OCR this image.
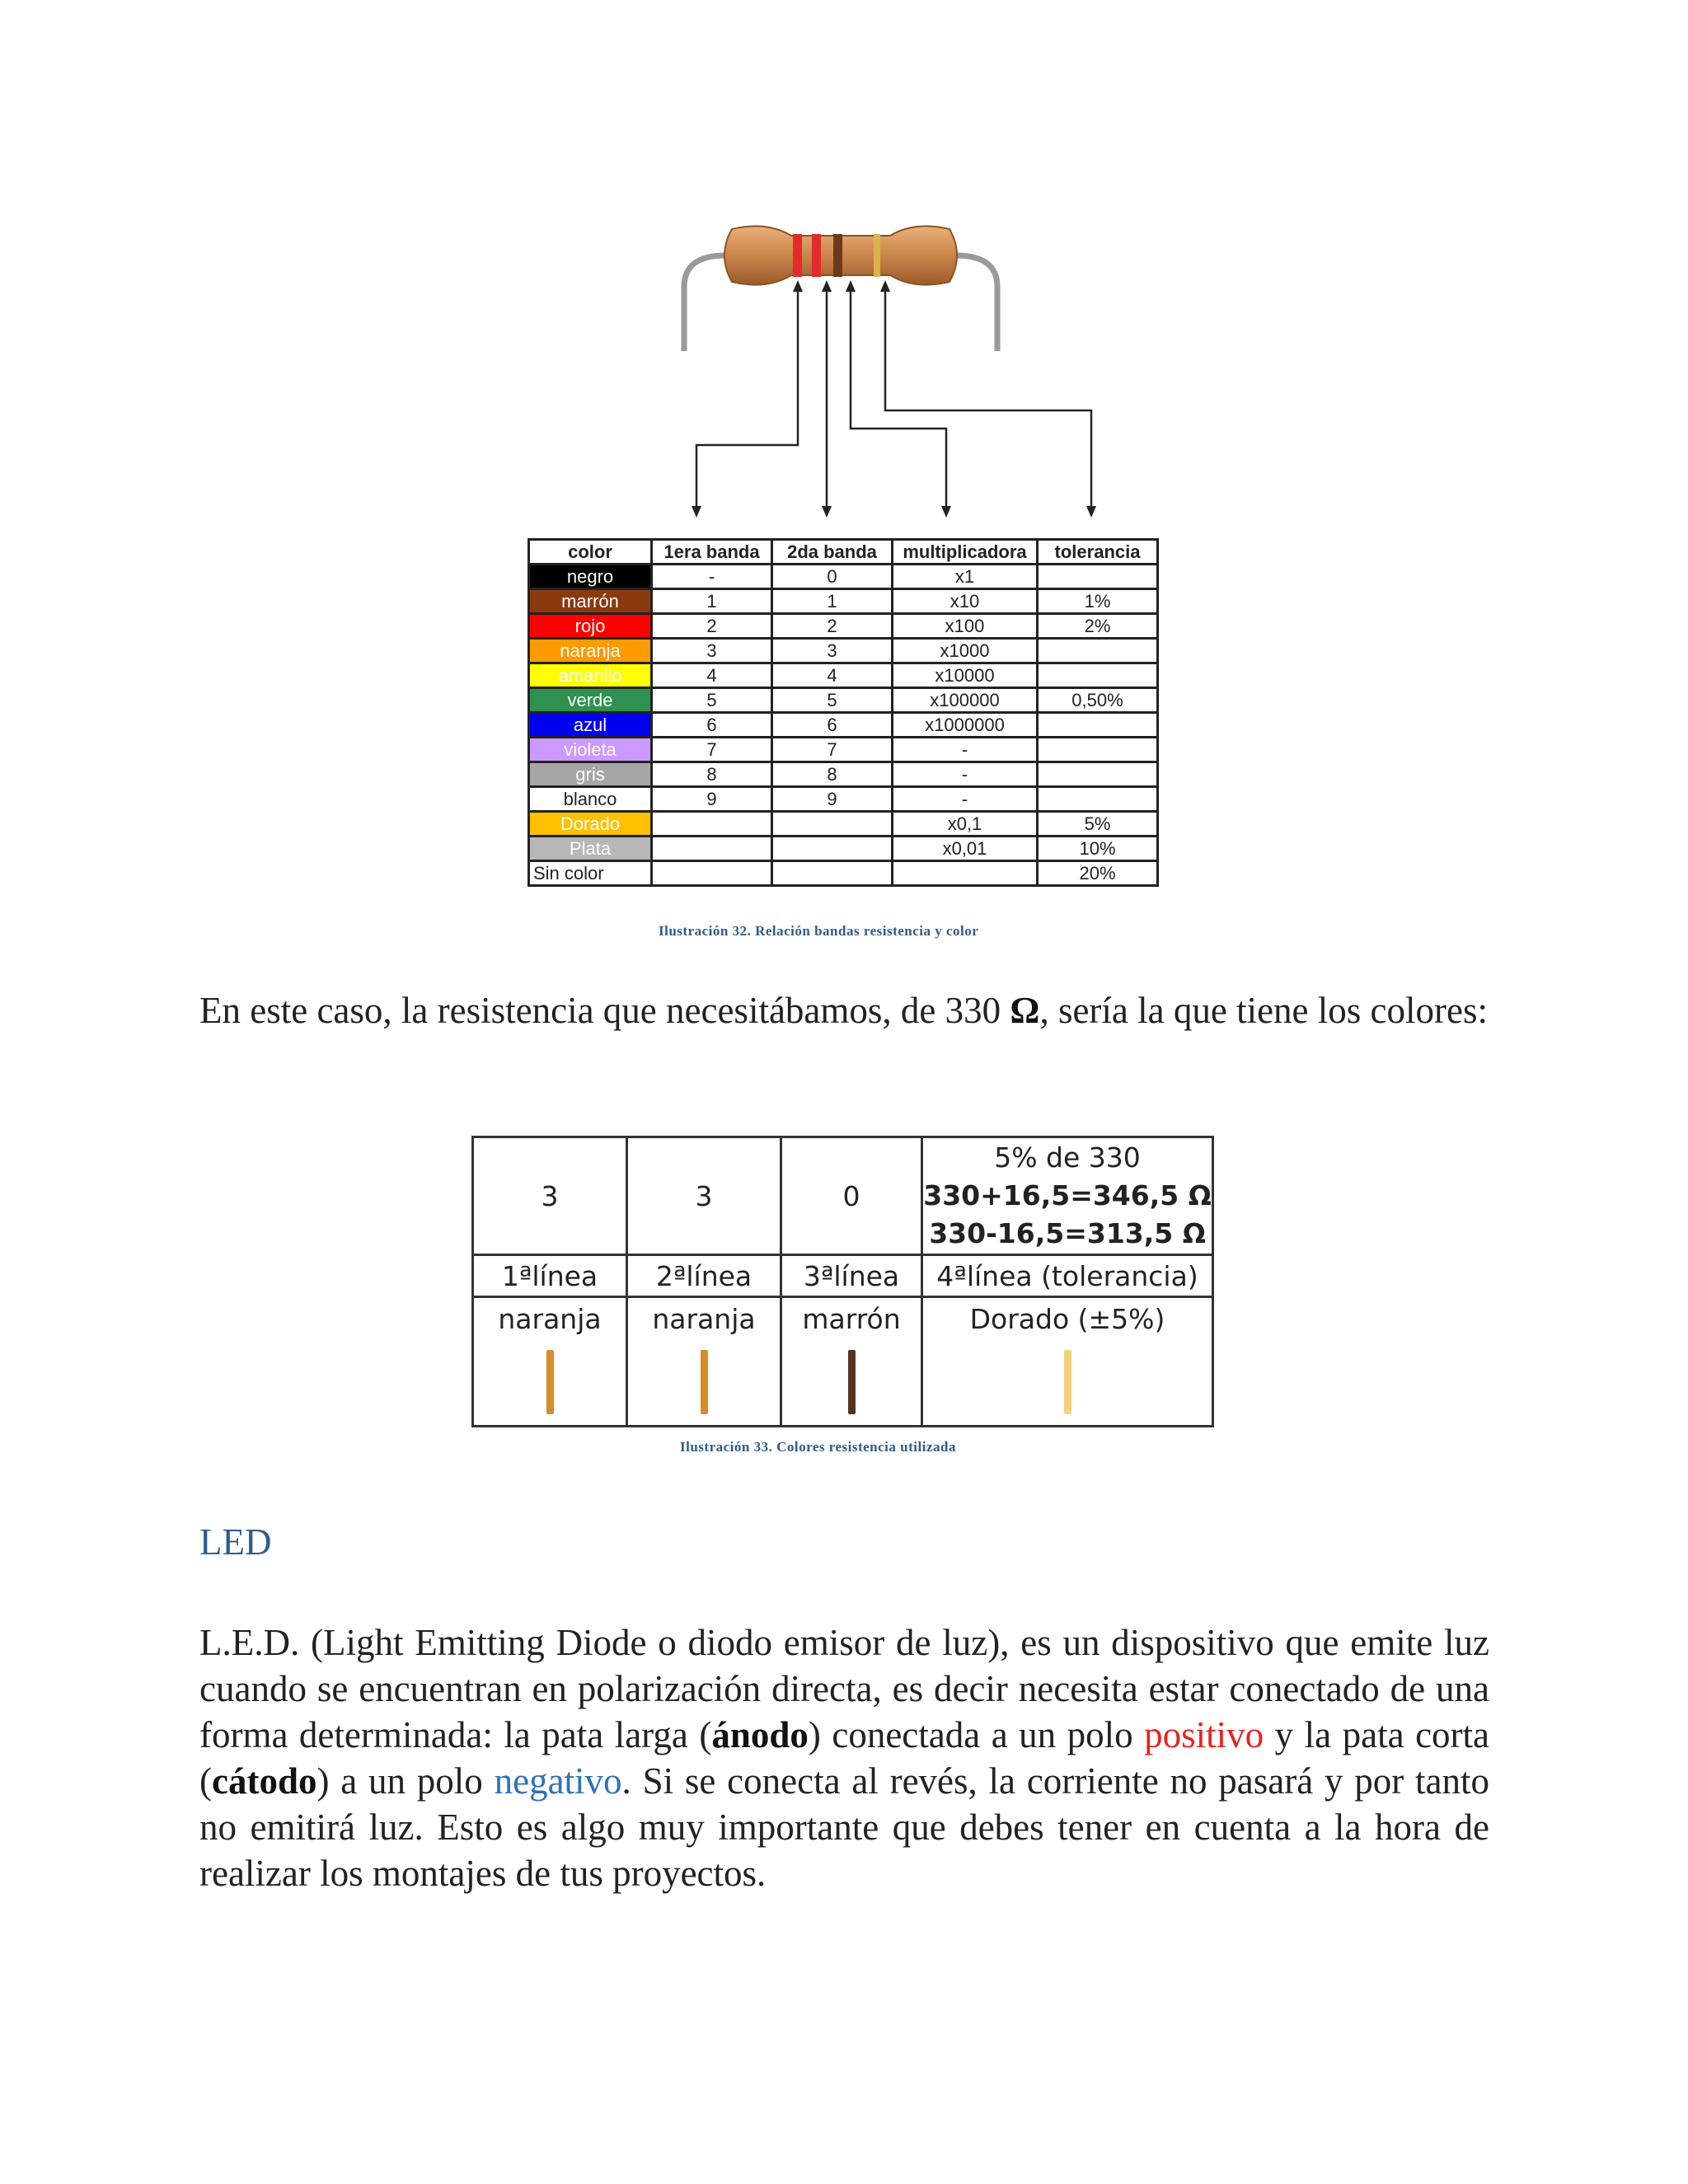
color	1era banda	2da banda	multiplicadora	tolerancia
negro	-	0	x1	
marrón	1	1	x10	1%
rojo	2	2	x100	2%
naranja	3	3	x1000	
amarillo	4	4	x10000	
verde	5	5	x100000	0,50%
azul	6	6	x1000000	
violeta	7	7	-	
gris	8	8	-	
blanco	9	9	-	
Dorado			x0,1	5%
Plata			x0,01	10%
Sin color				20%
Ilustración 32. Relación bandas resistencia y color
En este caso, la resistencia que necesitábamos, de 330 Ω, sería la que tiene los colores:
3	3	0	5% de 330
330+16,5=346,5 Ω
330-16,5=313,5 Ω

1ªlínea	2ªlínea	3ªlínea	4ªlínea (tolerancia)
naranja	naranja	marrón	Dorado (±5%)
Ilustración 33. Colores resistencia utilizada
LED
L.E.D. (Light Emitting Diode o diodo emisor de luz), es un dispositivo que emite luz cuando se encuentran en polarización directa, es decir necesita estar conectado de una forma determinada: la pata larga (ánodo) conectada a un polo positivo y la pata corta (cátodo) a un polo negativo. Si se conecta al revés, la corriente no pasará y por tanto no emitirá luz. Esto es algo muy importante que debes tener en cuenta a la hora de realizar los montajes de tus proyectos.
